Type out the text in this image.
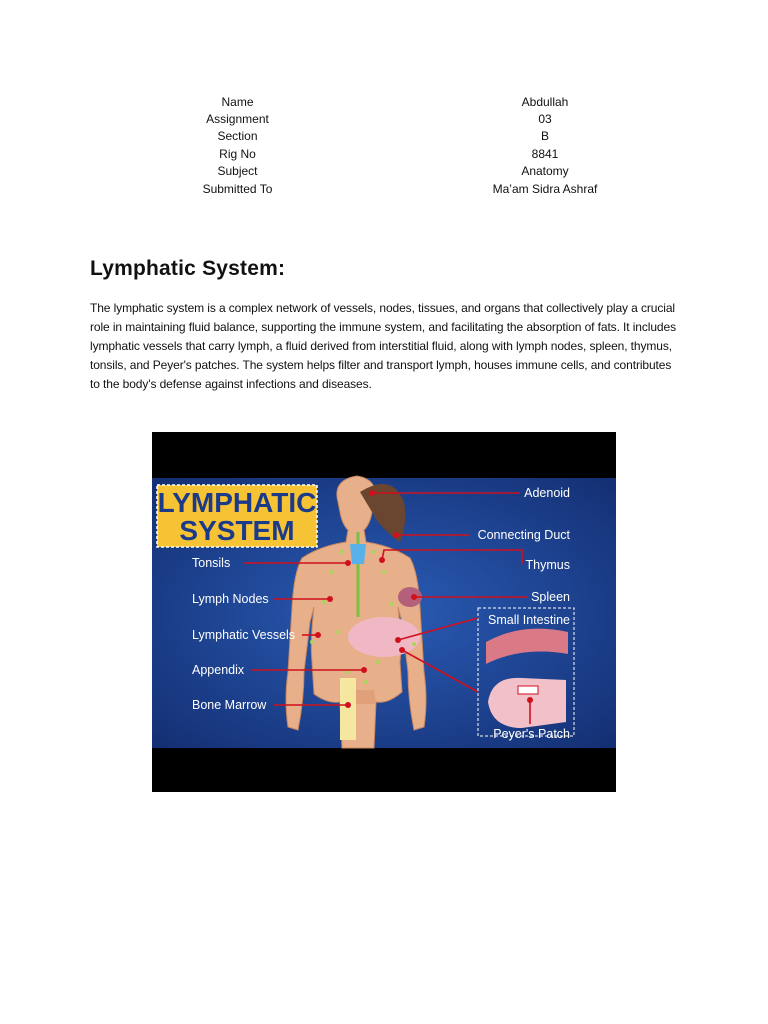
Name	Abdullah
Assignment	03
Section	B
Rig No	8841
Subject	Anatomy
Submitted To	Ma’am Sidra Ashraf
Lymphatic System:

The lymphatic system is a complex network of vessels, nodes, tissues, and organs that collectively play a crucial role in maintaining fluid balance, supporting the immune system, and facilitating the absorption of fats. It includes lymphatic vessels that carry lymph, a fluid derived from interstitial fluid, along with lymph nodes, spleen, thymus, tonsils, and Peyer's patches. The system helps filter and transport lymph, houses immune cells, and contributes to the body's defense against infections and diseases.

LYMPHATIC
SYSTEM
Tonsils
Lymph Nodes
Lymphatic Vessels
Appendix
Bone Marrow
Adenoid
Connecting Duct
Thymus
Spleen
Small Intestine
Peyer's Patch
